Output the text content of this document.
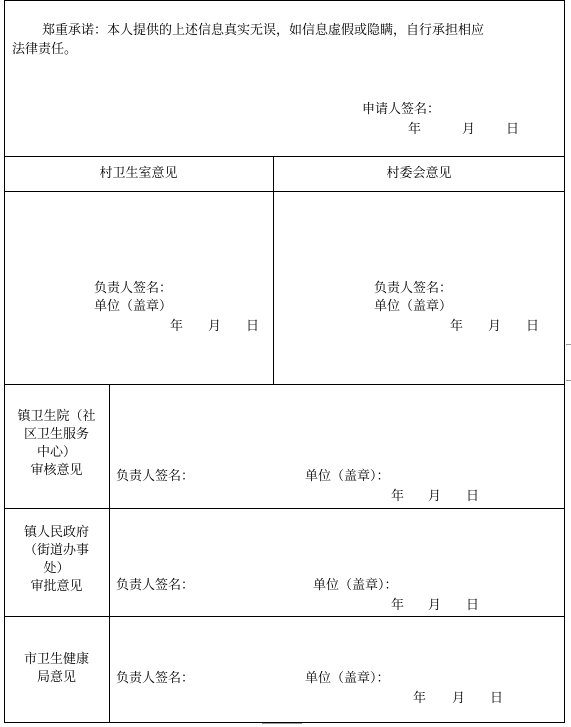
郑重承诺：本人提供的上述信息真实无误，如信息虚假或隐瞒，自行承担相应
法律责任。
申请人签名：
年	月 日
村卫生室意见	村委会意见
负责人签名：
单位（盖章）
年 月 日
负责人签名：
单位（盖章）
年 月 日
镇卫生院（社
区卫生服务
中心）
审核意见	负责人签名：	单位（盖章）：
年 月 日
镇人民政府
（街道办事
处）
审批意见	负责人签名：	单位（盖章）：
年 月 日
市卫生健康
局意见	负责人签名：	单位（盖章）：
年 月 日
